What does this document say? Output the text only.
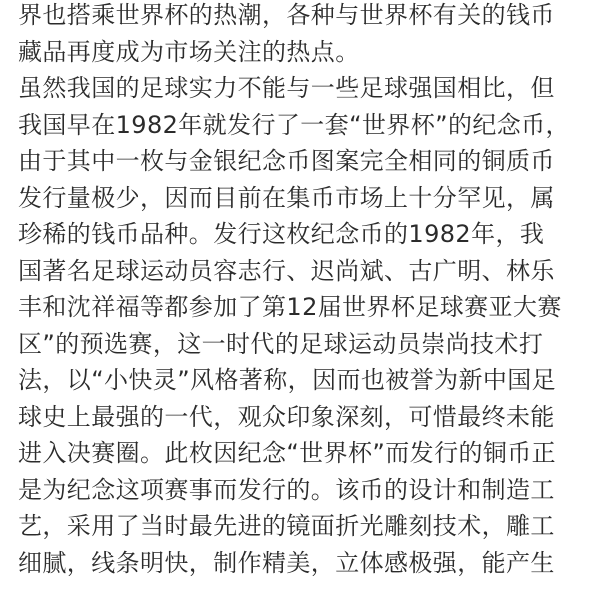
界也搭乘世界杯的热潮，各种与世界杯有关的钱币
藏品再度成为市场关注的热点。
虽然我国的足球实力不能与一些足球强国相比，但
我国早在1982年就发行了一套“世界杯”的纪念币，
由于其中一枚与金银纪念币图案完全相同的铜质币
发行量极少，因而目前在集币市场上十分罕见，属
珍稀的钱币品种。发行这枚纪念币的1982年，我
国著名足球运动员容志行、迟尚斌、古广明、林乐
丰和沈祥福等都参加了第12届世界杯足球赛亚大赛
区”的预选赛，这一时代的足球运动员崇尚技术打
法，以“小快灵”风格著称，因而也被誉为新中国足
球史上最强的一代，观众印象深刻，可惜最终未能
进入决赛圈。此枚因纪念“世界杯”而发行的铜币正
是为纪念这项赛事而发行的。该币的设计和制造工
艺，采用了当时最先进的镜面折光雕刻技术，雕工
细腻，线条明快，制作精美，立体感极强，能产生
